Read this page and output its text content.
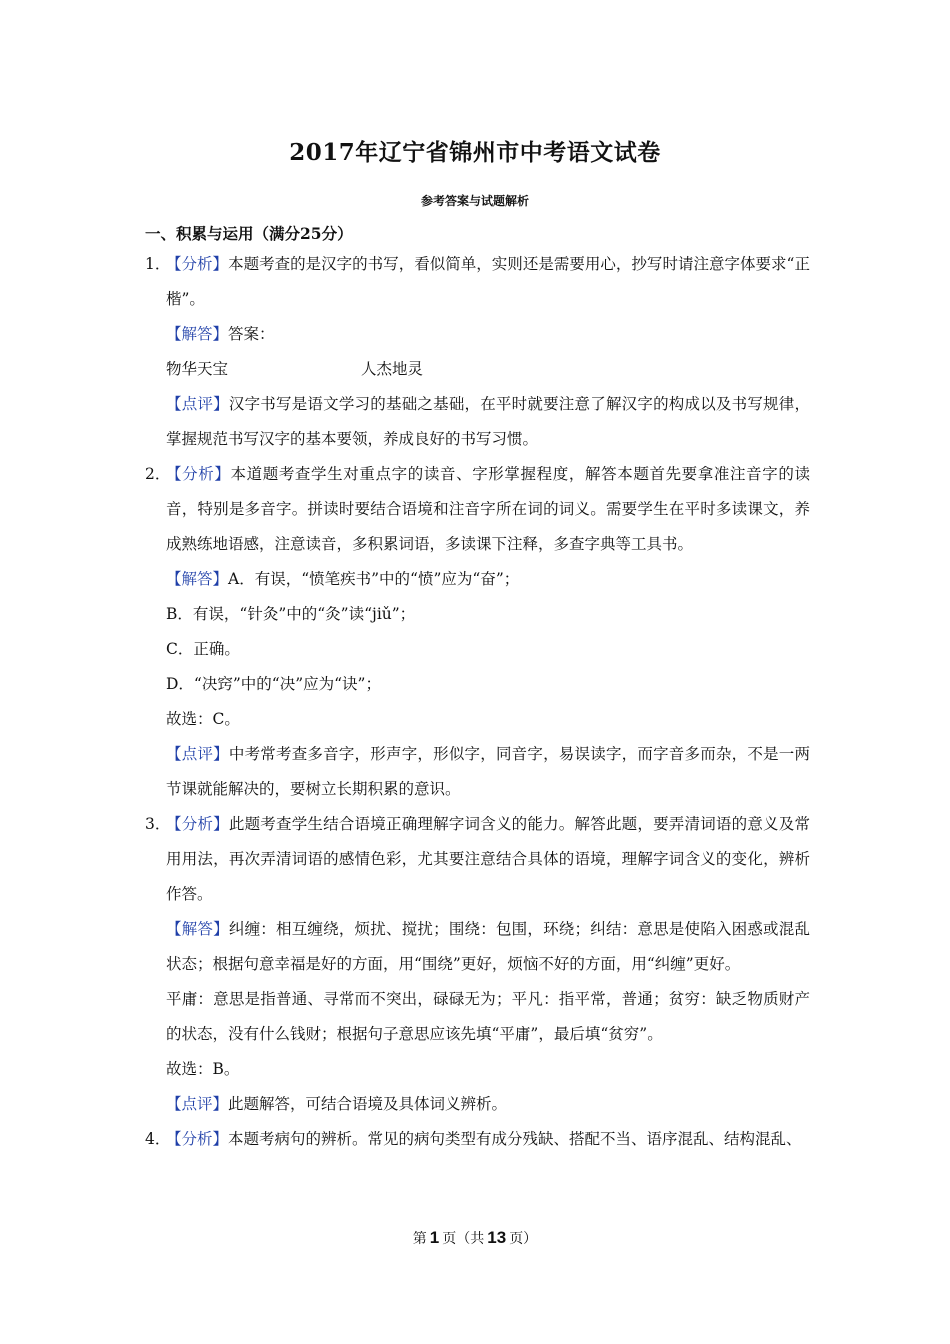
2017年辽宁省锦州市中考语文试卷
参考答案与试题解析
一、积累与运用（满分25分）
1．

【分析】本题考查的是汉字的书写，看似简单，实则还是需要用心，抄写时请注意字体要求“正楷”。

【解答】答案：

物华天宝	人杰地灵

【点评】汉字书写是语文学习的基础之基础，在平时就要注意了解汉字的构成以及书写规律，掌握规范书写汉字的基本要领，养成良好的书写习惯。

2．

【分析】本道题考查学生对重点字的读音、字形掌握程度，解答本题首先要拿准注音字的读音，特别是多音字。拼读时要结合语境和注音字所在词的词义。需要学生在平时多读课文，养成熟练地语感，注意读音，多积累词语，多读课下注释，多查字典等工具书。

【解答】A．有误，“愤笔疾书”中的“愤”应为“奋”；

B．有误，“针灸”中的“灸”读“jiǔ”；

C．正确。

D．“决窍”中的“决”应为“诀”；

故选：C。

【点评】中考常考查多音字，形声字，形似字，同音字，易误读字，而字音多而杂，不是一两节课就能解决的，要树立长期积累的意识。

3．

【分析】此题考查学生结合语境正确理解字词含义的能力。解答此题，要弄清词语的意义及常用用法，再次弄清词语的感情色彩，尤其要注意结合具体的语境，理解字词含义的变化，辨析作答。

【解答】纠缠：相互缠绕，烦扰、搅扰；围绕：包围，环绕；纠结：意思是使陷入困惑或混乱状态；根据句意幸福是好的方面，用“围绕”更好，烦恼不好的方面，用“纠缠”更好。

平庸：意思是指普通、寻常而不突出，碌碌无为；平凡：指平常，普通；贫穷：缺乏物质财产的状态，没有什么钱财；根据句子意思应该先填“平庸”，最后填“贫穷”。

故选：B。

【点评】此题解答，可结合语境及具体词义辨析。

4．

【分析】本题考病句的辨析。常见的病句类型有成分残缺、搭配不当、语序混乱、结构混乱、

第 1 页（共 13 页）
